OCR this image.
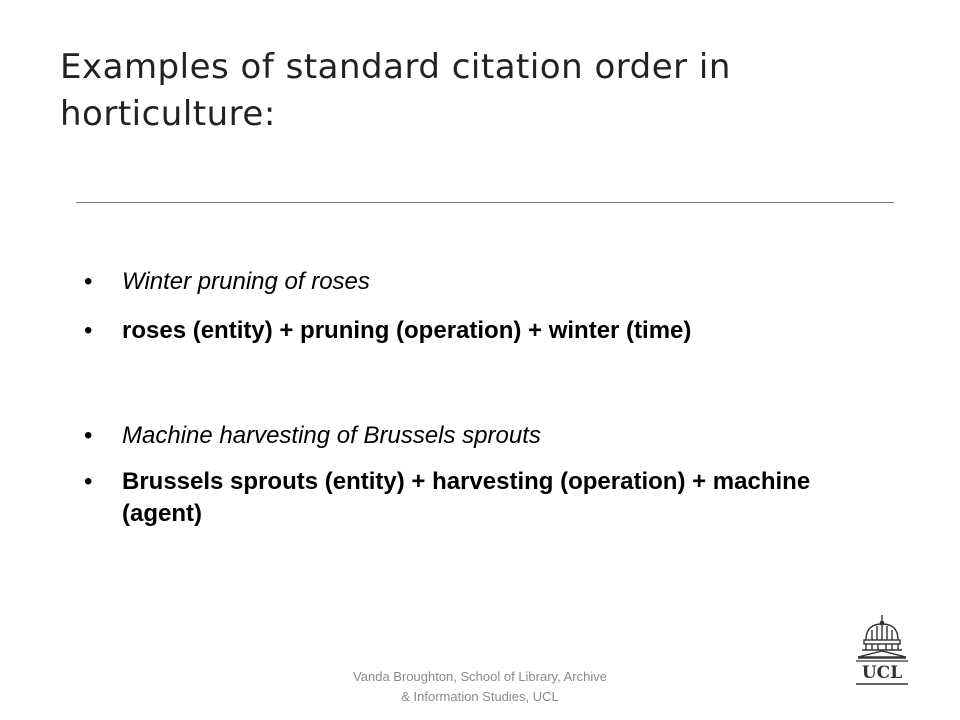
Examples of standard citation order in horticulture:
•	Winter pruning of roses
•	roses (entity) + pruning (operation) + winter (time)
•	Machine harvesting of Brussels sprouts
•	Brussels sprouts (entity) + harvesting (operation) + machine (agent)
Vanda Broughton, School of Library, Archive
& Information Studies, UCL
UCL
